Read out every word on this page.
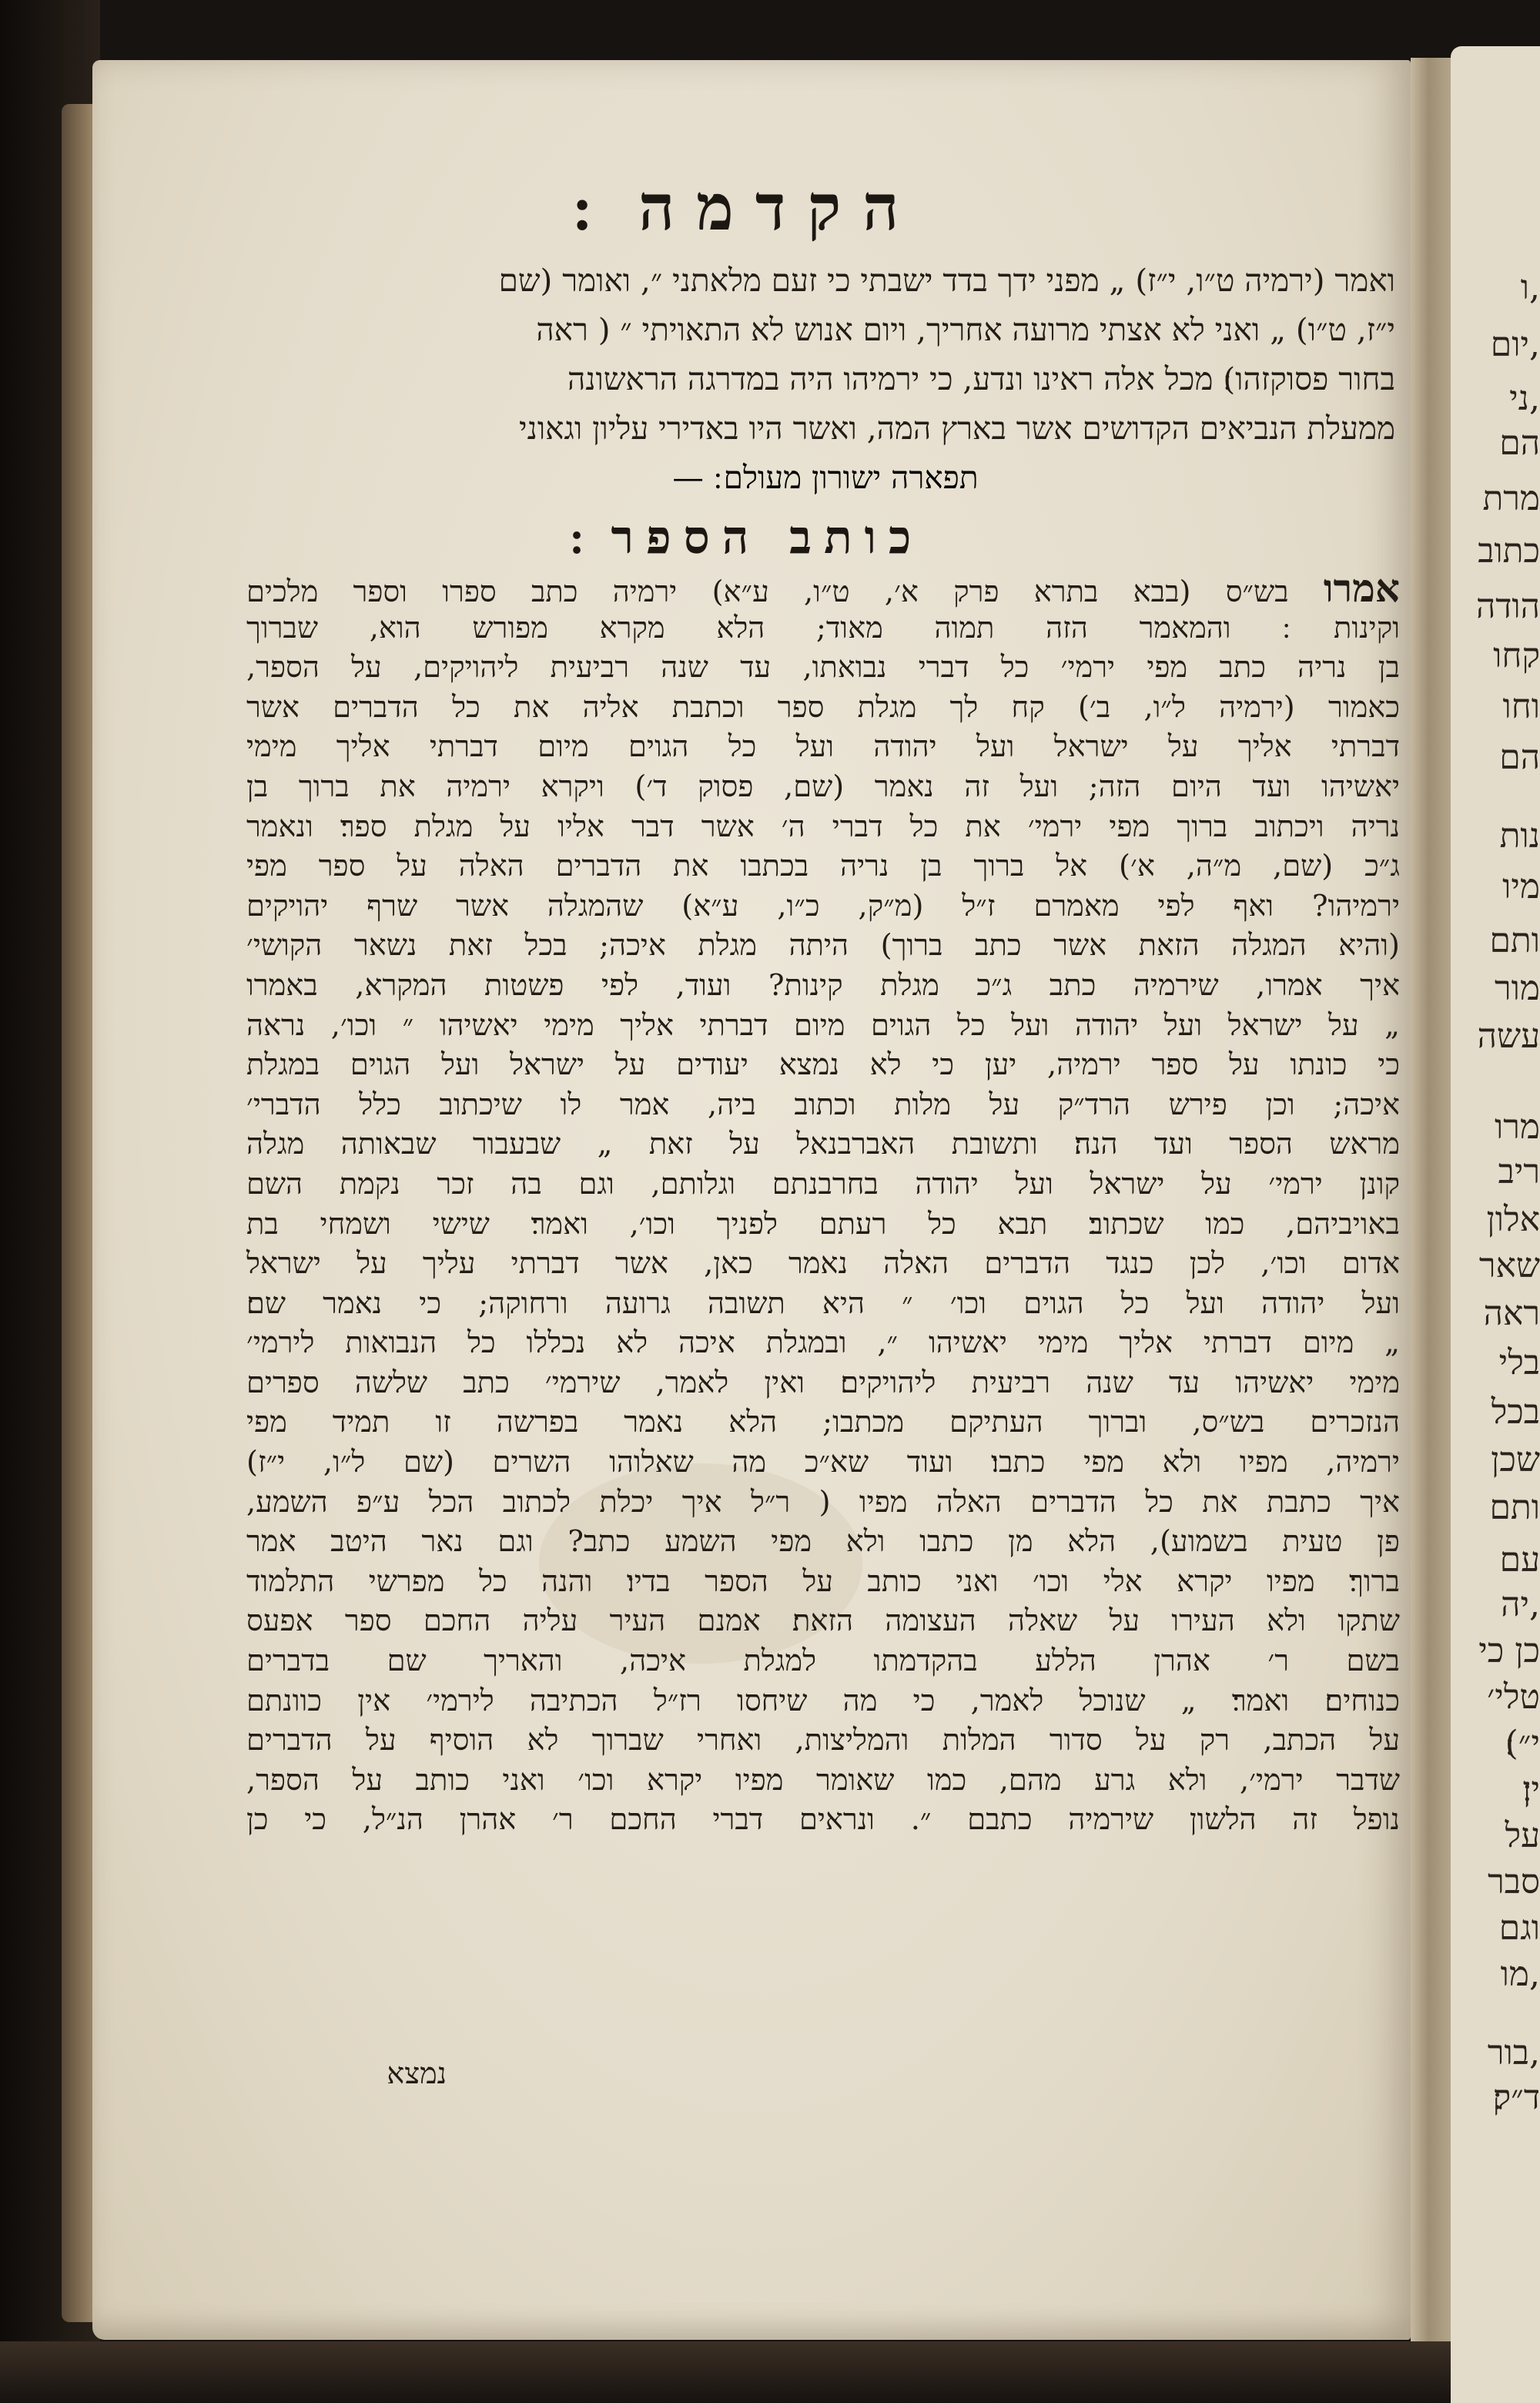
ו,
יום,
ני,
הם
מרת
כתוב
הודה
קחו
וחו
הם
נות
מיו
ותם
מור
עשה
מרו
ריב
אלון
שאר
ראה
בלי
בכל
שכן
ותם
עם
יה,
כן כי
טלי׳
י״)׃
ין׃
על
סבר
וגם
מו,
בור,
ד״ק׃
הקדמה ׃
ואמר (ירמיה ט״ו, י״ז) „ מפני ידך בדד ישבתי כי זעם מלאתני ״, ואומר (שם
י״ז, ט״ו) „ ואני לא אצתי מרועה אחריך, ויום אנוש לא התאויתי ״ ( ראה
בחור פסוקזהו)׃ מכל אלה ראינו ונדע, כי ירמיהו היה במדרגה הראשונה
ממעלת הנביאים הקדושים אשר בארץ המה, ואשר היו באדירי עליון וגאוני
תפארה ישורון מעולם ׃ —
כותב הספר ׃
אמרו בש״ס (בבא בתרא פרק א׳, ט״ו, ע״א) ירמיה כתב ספרו וספר מלכים
וקינות ׃ והמאמר הזה תמוה מאוד; הלא מקרא מפורש הוא, שברוך
בן נריה כתב מפי ירמי׳ כל דברי נבואתו, עד שנה רביעית ליהויקים, על הספר,
כאמור (ירמיה ל״ו, ב׳) קח לך מגלת ספר וכתבת אליה את כל הדברים אשר
דברתי אליך על ישראל ועל יהודה ועל כל הגוים מיום דברתי אליך מימי
יאשיהו ועד היום הזה; ועל זה נאמר (שם, פסוק ד׳) ויקרא ירמיה את ברוך בן
נריה ויכתוב ברוך מפי ירמי׳ את כל דברי ה׳ אשר דבר אליו על מגלת ספר׃ ונאמר
ג״כ (שם, מ״ה, א׳) אל ברוך בן נריה בכתבו את הדברים האלה על ספר מפי
ירמיהו? ואף לפי מאמרם ז״ל (מ״ק, כ״ו, ע״א) שהמגלה אשר שרף יהויקים
(והיא המגלה הזאת אשר כתב ברוך) היתה מגלת איכה; בכל זאת נשאר הקושי׳
איך אמרו, שירמיה כתב ג״כ מגלת קינות? ועוד, לפי פשטות המקרא, באמרו
„ על ישראל ועל יהודה ועל כל הגוים מיום דברתי אליך מימי יאשיהו ״ וכו׳, נראה
כי כונתו על ספר ירמיה, יען כי לא נמצא יעודים על ישראל ועל הגוים במגלת
איכה; וכן פירש הרד״ק על מלות וכתוב ביה, אמר לו שיכתוב כלל הדברי׳
מראש הספר ועד הנה׃ ותשובת האברבנאל על זאת „ שבעבור שבאותה מגלה
קונן ירמי׳ על ישראל ועל יהודה בחרבנתם וגלותם, וגם בה זכר נקמת השם
באויביהם, כמו שכתוב׃ תבא כל רעתם לפניך וכו׳, ואמר׃ שישי ושמחי בת
אדום וכו׳, לכן כנגד הדברים האלה נאמר כאן, אשר דברתי עליך על ישראל
ועל יהודה ועל כל הגוים וכו׳ ״ היא תשובה גרועה ורחוקה; כי נאמר שם׃
„ מיום דברתי אליך מימי יאשיהו ״, ובמגלת איכה לא נכללו כל הנבואות לירמי׳
מימי יאשיהו עד שנה רביעית ליהויקים׃ ואין לאמר, שירמי׳ כתב שלשה ספרים
הנזכרים בש״ס, וברוך העתיקם מכתבו; הלא נאמר בפרשה זו תמיד מפי
ירמיה, מפיו ולא מפי כתבו׃ ועוד שא״כ מה שאלוהו השרים (שם ל״ו, י״ז)
איך כתבת את כל הדברים האלה מפיו ( ר״ל איך יכלת לכתוב הכל ע״פ השמע,
פן טעית בשמוע), הלא מן כתבו ולא מפי השמע כתב? וגם נאר היטב אמר
ברוך׃ מפיו יקרא אלי וכו׳ ואני כותב על הספר בדיו׃ והנה כל מפרשי התלמוד
שתקו ולא העירו על שאלה העצומה הזאת׃ אמנם העיר עליה החכם ספר אפעס
בשם ר׳ אהרן הללע בהקדמתו למגלת איכה, והאריך שם בדברים
כנוחים׃ ואמר׃ „ שנוכל לאמר, כי מה שיחסו רז״ל הכתיבה לירמי׳ אין כוונתם
על הכתב, רק על סדור המלות והמליצות, ואחרי שברוך לא הוסיף על הדברים
שדבר ירמי׳, ולא גרע מהם, כמו שאומר מפיו יקרא וכו׳ ואני כותב על הספר,
נופל זה הלשון שירמיה כתבם ״. ונראים דברי החכם ר׳ אהרן הנ״ל, כי כן
נמצא
